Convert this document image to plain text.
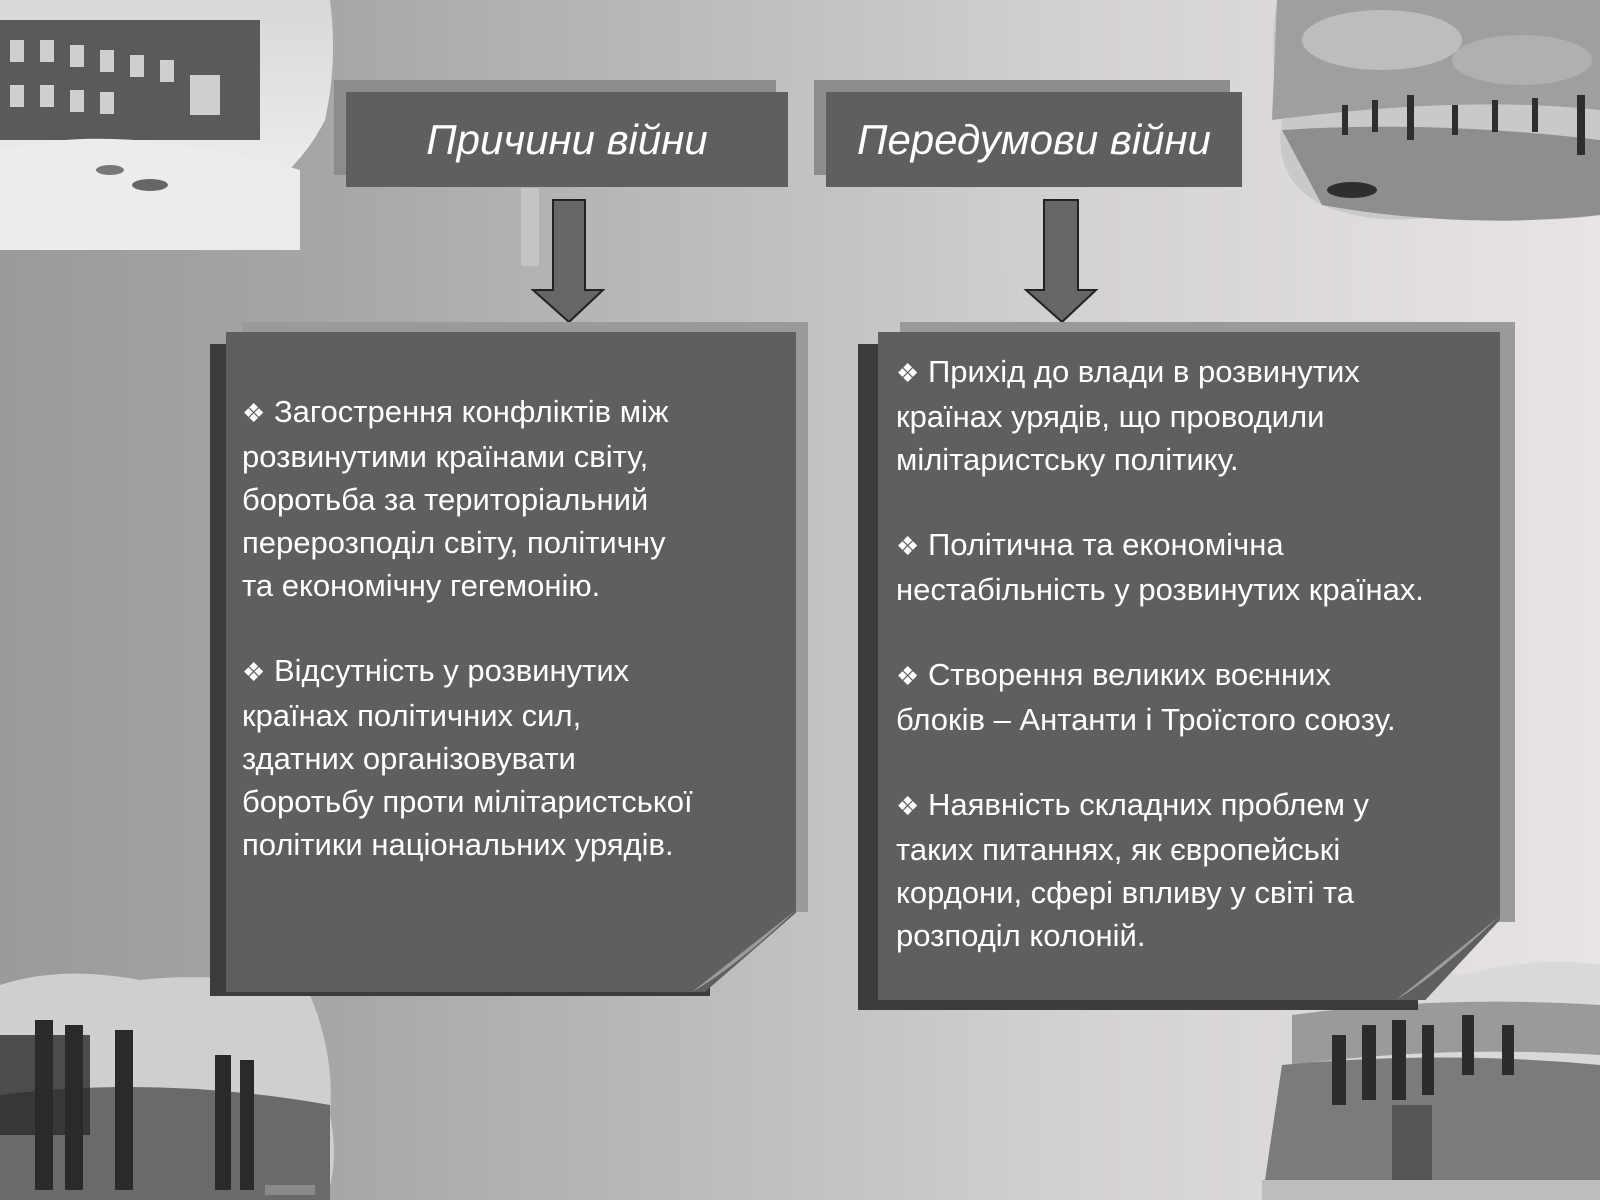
Причини війни	Передумови війни
❖ Загострення конфліктів між
розвинутими країнами світу,
боротьба за територіальний
перерозподіл світу, політичну
та економічну гегемонію.
❖ Відсутність у розвинутих
країнах політичних сил,
здатних організовувати
боротьбу проти мілітаристської
політики національних урядів.
❖ Прихід до влади в розвинутих
країнах урядів, що проводили
мілітаристську політику.
❖ Політична та економічна
нестабільність у розвинутих країнах.
❖ Створення великих воєнних
блоків – Антанти і Троїстого союзу.
❖ Наявність складних проблем у
таких питаннях, як європейські
кордони, сфері впливу у світі та
розподіл колоній.
